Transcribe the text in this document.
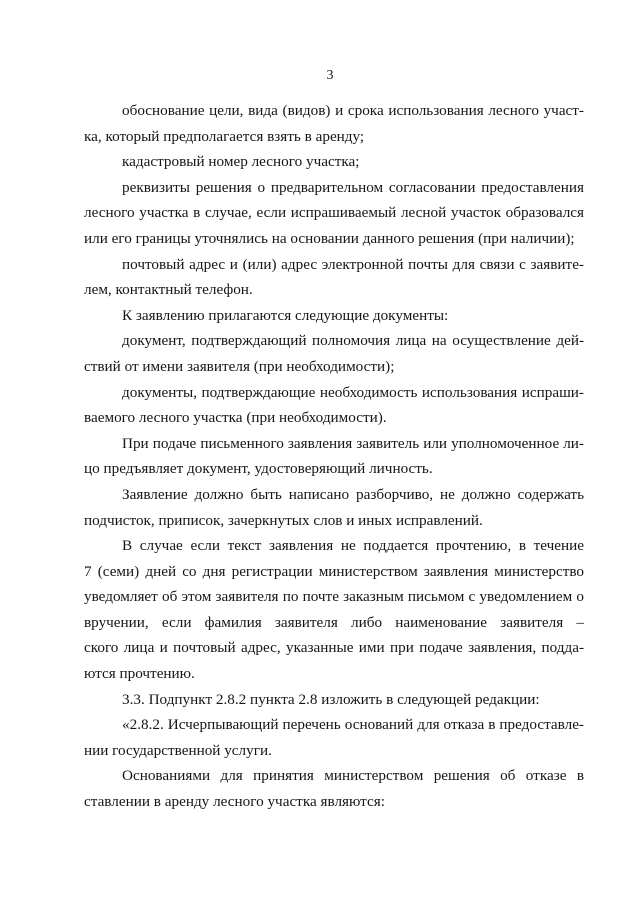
3
обоснование цели, вида (видов) и срока использования лесного участ-
ка, который предполагается взять в аренду;
кадастровый номер лесного участка;
реквизиты решения о предварительном согласовании предоставления
лесного участка в случае, если испрашиваемый лесной участок образовался
или его границы уточнялись на основании данного решения (при наличии);
почтовый адрес и (или) адрес электронной почты для связи с заявите-
лем, контактный телефон.
К заявлению прилагаются следующие документы:
документ, подтверждающий полномочия лица на осуществление дей-
ствий от имени заявителя (при необходимости);
документы, подтверждающие необходимость использования испраши-
ваемого лесного участка (при необходимости).
При подаче письменного заявления заявитель или уполномоченное ли-
цо предъявляет документ, удостоверяющий личность.
Заявление должно быть написано разборчиво, не должно содержать
подчисток, приписок, зачеркнутых слов и иных исправлений.
В случае если текст заявления не поддается прочтению, в течение
7 (семи) дней со дня регистрации министерством заявления министерство
уведомляет об этом заявителя по почте заказным письмом с уведомлением о
вручении, если фамилия заявителя либо наименование заявителя –
ского лица и почтовый адрес, указанные ими при подаче заявления, подда-
ются прочтению.
3.3. Подпункт 2.8.2 пункта 2.8 изложить в следующей редакции:
«2.8.2. Исчерпывающий перечень оснований для отказа в предоставле-
нии государственной услуги.
Основаниями для принятия министерством решения об отказе в
ставлении в аренду лесного участка являются:
